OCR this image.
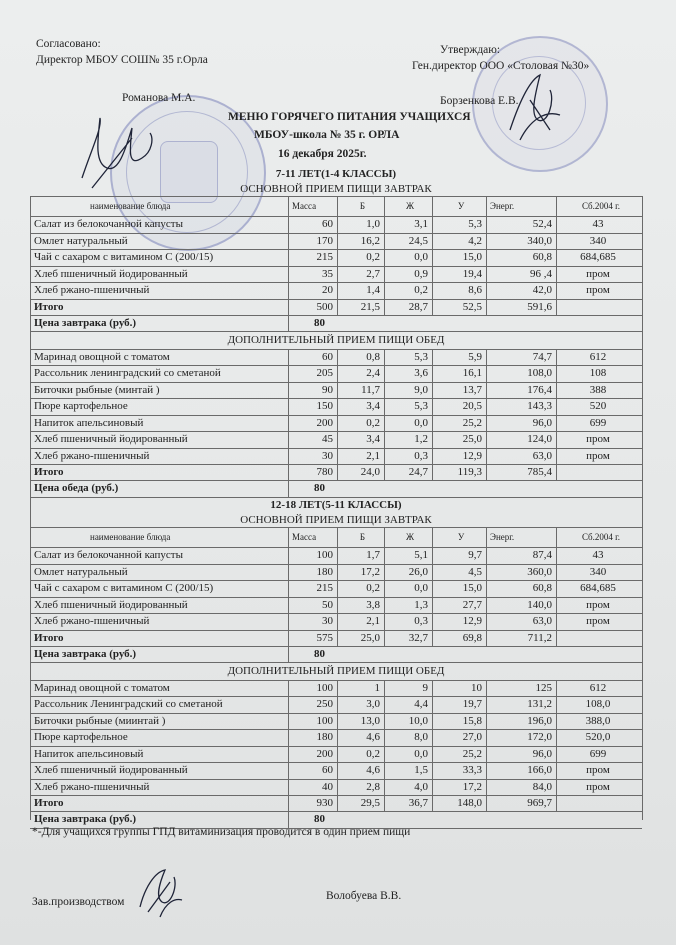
Согласовано:
Директор МБОУ СОШ№ 35 г.Орла
Романова М.А.
Утверждаю:
Ген.директор ООО «Столовая №30»
Борзенкова Е.В.
МЕНЮ ГОРЯЧЕГО ПИТАНИЯ УЧАЩИХСЯ
МБОУ-школа № 35 г. ОРЛА
16 декабря 2025г.
7-11 ЛЕТ(1-4 КЛАССЫ)
ОСНОВНОЙ ПРИЕМ ПИЩИ ЗАВТРАК
наименование блюда	Масса	Б	Ж	У	Энерг.	Сб.2004 г.
Салат из белокочанной капусты	60	1,0	3,1	5,3	52,4	43
Омлет натуральный	170	16,2	24,5	4,2	340,0	340
Чай с сахаром с витамином С (200/15)	215	0,2	0,0	15,0	60,8	684,685
Хлеб пшеничный йодированный	35	2,7	0,9	19,4	96 ,4	пром
Хлеб ржано-пшеничный	20	1,4	0,2	8,6	42,0	пром
Итого	500	21,5	28,7	52,5	591,6
Цена завтрака (руб.)	80
ДОПОЛНИТЕЛЬНЫЙ ПРИЕМ ПИЩИ ОБЕД
Маринад овощной с томатом	60	0,8	5,3	5,9	74,7	612
Рассольник ленинградский со сметаной	205	2,4	3,6	16,1	108,0	108
Биточки рыбные (минтай )	90	11,7	9,0	13,7	176,4	388
Пюре картофельное	150	3,4	5,3	20,5	143,3	520
Напиток апельсиновый	200	0,2	0,0	25,2	96,0	699
Хлеб пшеничный йодированный	45	3,4	1,2	25,0	124,0	пром
Хлеб ржано-пшеничный	30	2,1	0,3	12,9	63,0	пром
Итого	780	24,0	24,7	119,3	785,4
Цена обеда (руб.)	80
12-18 ЛЕТ(5-11 КЛАССЫ)
ОСНОВНОЙ ПРИЕМ ПИЩИ ЗАВТРАК
наименование блюда	Масса	Б	Ж	У	Энерг.	Сб.2004 г.
Салат из белокочанной капусты	100	1,7	5,1	9,7	87,4	43
Омлет натуральный	180	17,2	26,0	4,5	360,0	340
Чай с сахаром с витамином С (200/15)	215	0,2	0,0	15,0	60,8	684,685
Хлеб пшеничный йодированный	50	3,8	1,3	27,7	140,0	пром
Хлеб ржано-пшеничный	30	2,1	0,3	12,9	63,0	пром
Итого	575	25,0	32,7	69,8	711,2
Цена завтрака (руб.)	80
ДОПОЛНИТЕЛЬНЫЙ ПРИЕМ ПИЩИ ОБЕД
Маринад овощной с томатом	100	1	9	10	125	612
Рассольник Ленинградский со сметаной	250	3,0	4,4	19,7	131,2	108,0
Биточки рыбные (миинтай )	100	13,0	10,0	15,8	196,0	388,0
Пюре картофельное	180	4,6	8,0	27,0	172,0	520,0
Напиток апельсиновый	200	0,2	0,0	25,2	96,0	699
Хлеб пшеничный йодированный	60	4,6	1,5	33,3	166,0	пром
Хлеб ржано-пшеничный	40	2,8	4,0	17,2	84,0	пром
Итого	930	29,5	36,7	148,0	969,7
Цена завтрака (руб.)	80
*-Для учащихся группы ГПД витаминизация проводится в один прием пищи
Зав.производством	Волобуева В.В.
